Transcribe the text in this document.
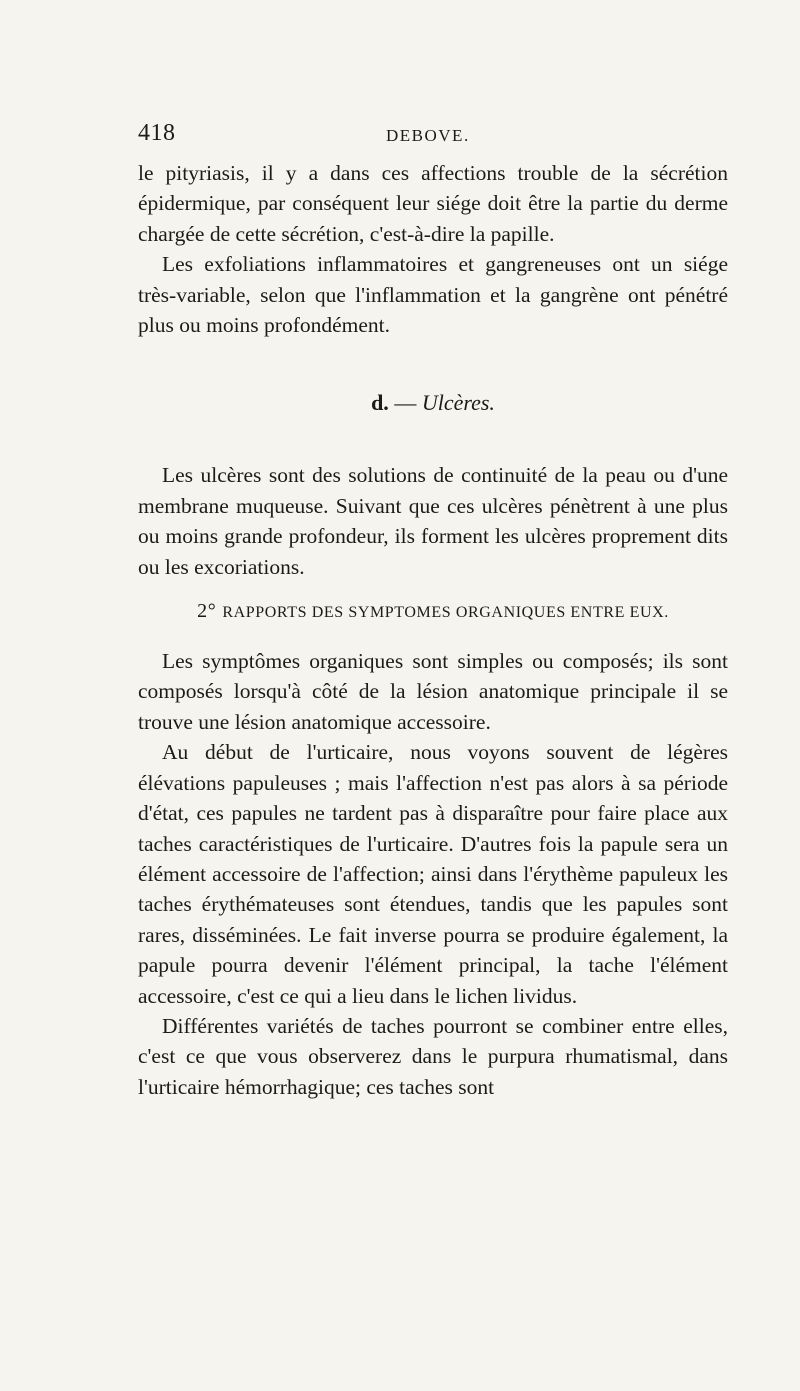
418	DEBOVE.

le pityriasis, il y a dans ces affections trouble de la sécrétion épidermique, par conséquent leur siége doit être la partie du derme chargée de cette sécrétion, c'est-à-dire la papille.

Les exfoliations inflammatoires et gangreneuses ont un siége très-variable, selon que l'inflammation et la gangrène ont pénétré plus ou moins profondément.

d. — Ulcères.

Les ulcères sont des solutions de continuité de la peau ou d'une membrane muqueuse. Suivant que ces ulcères pénètrent à une plus ou moins grande profondeur, ils forment les ulcères proprement dits ou les excoriations.

2° RAPPORTS DES SYMPTOMES ORGANIQUES ENTRE EUX.

Les symptômes organiques sont simples ou composés; ils sont composés lorsqu'à côté de la lésion anatomique principale il se trouve une lésion anatomique accessoire.

Au début de l'urticaire, nous voyons souvent de légères élévations papuleuses ; mais l'affection n'est pas alors à sa période d'état, ces papules ne tardent pas à disparaître pour faire place aux taches caractéristiques de l'urticaire. D'autres fois la papule sera un élément accessoire de l'affection; ainsi dans l'érythème papuleux les taches érythémateuses sont étendues, tandis que les papules sont rares, disséminées. Le fait inverse pourra se produire également, la papule pourra devenir l'élément principal, la tache l'élément accessoire, c'est ce qui a lieu dans le lichen lividus.

Différentes variétés de taches pourront se combiner entre elles, c'est ce que vous observerez dans le purpura rhumatismal, dans l'urticaire hémorrhagique; ces taches sont
